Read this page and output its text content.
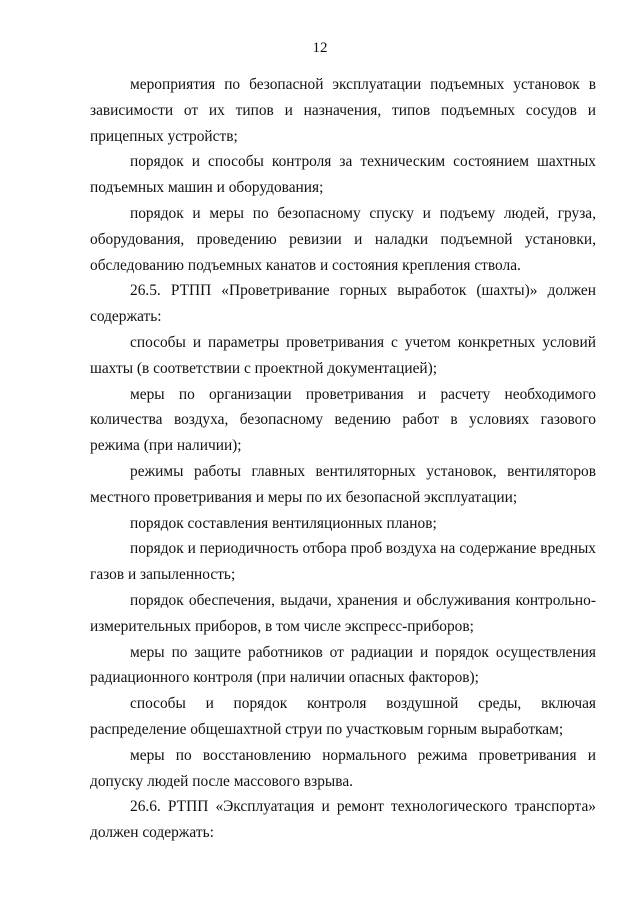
12

мероприятия по безопасной эксплуатации подъемных установок в зависимости от их типов и назначения, типов подъемных сосудов и прицепных устройств;

порядок и способы контроля за техническим состоянием шахтных подъемных машин и оборудования;

порядок и меры по безопасному спуску и подъему людей, груза, оборудования, проведению ревизии и наладки подъемной установки, обследованию подъемных канатов и состояния крепления ствола.

26.5. РТПП «Проветривание горных выработок (шахты)» должен содержать:

способы и параметры проветривания с учетом конкретных условий шахты (в соответствии с проектной документацией);

меры по организации проветривания и расчету необходимого количества воздуха, безопасному ведению работ в условиях газового режима (при наличии);

режимы работы главных вентиляторных установок, вентиляторов местного проветривания и меры по их безопасной эксплуатации;

порядок составления вентиляционных планов;

порядок и периодичность отбора проб воздуха на содержание вредных газов и запыленность;

порядок обеспечения, выдачи, хранения и обслуживания контрольно-измерительных приборов, в том числе экспресс-приборов;

меры по защите работников от радиации и порядок осуществления радиационного контроля (при наличии опасных факторов);

способы и порядок контроля воздушной среды, включая распределение общешахтной струи по участковым горным выработкам;

меры по восстановлению нормального режима проветривания и допуску людей после массового взрыва.

26.6. РТПП «Эксплуатация и ремонт технологического транспорта» должен содержать:
